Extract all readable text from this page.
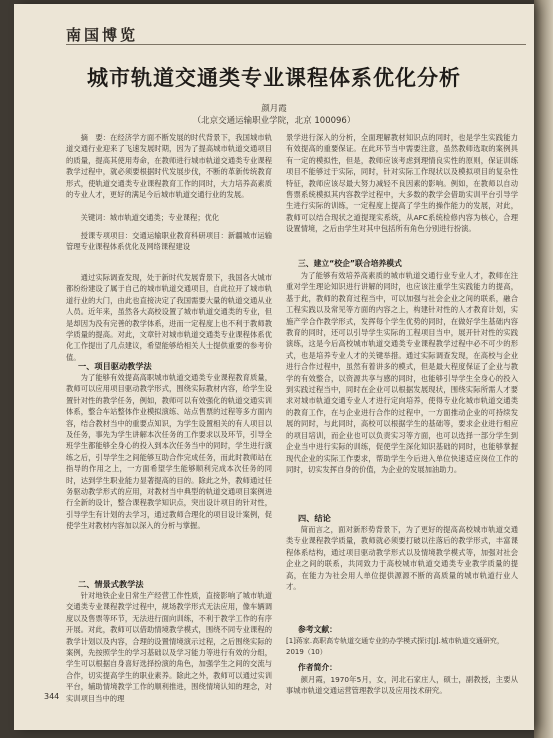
南国博览
城市轨道交通类专业课程体系优化分析
颜月霞
（北京交通运输职业学院，北京 100096）
摘　要：在经济学方面不断发展的时代背景下，我国城市轨道交通行业迎来了飞速发展时期，因为了提高城市轨道交通项目的质量，提高其使用寿命，在教师进行城市轨道交通类专业课程教学过程中，就必须要根据时代发展步伐，不断的革新传统教育形式，使轨道交通类专业课程教育工作的同时，大力培养高素质的专业人才，更好的满足今后城市轨道交通行业的发展。
关键词：城市轨道交通类；专业课程；优化
授课专项项目：交通运输职业教育科研项目：新疆城市运输管理专业课程体系优化及网络课程建设
通过实际调查发现，处于新时代发展背景下，我国各大城市都纷纷建设了属于自己的城市轨道交通项目，自此拉开了城市轨道行业的大门，由此也直接决定了我国需要大量的轨道交通从业人员。近年来，虽然各大高校设置了城市轨道交通类的专业，但是却因为没有完善的教学体系，进而一定程度上也不利于教师教学质量的提高。对此，文章针对城市轨道交通类专业课程体系优化工作提出了几点建议，希望能够给相关人士提供重要的参考价值。
一、项目驱动教学法
为了能够有效提高高职城市轨道交通类专业课程教育质量，教师可以应用项目驱动教学形式，围绕实际教材内容，给学生设置针对性的教学任务，例如，教师可以有效强化的轨道交通实训体系，整合车站整体作业模拟演练、站点售票的过程等多方面内容，结合教材当中的重要点知识，为学生设置相关的有人项目以及任务，事先为学生讲解本次任务的工作要求以及环节，引导全班学生都能够全身心的投入到本次任务当中的同时，学生进行演练之后，引导学生之间能够互助合作完成任务，而此时教师站在指导的作用之上，一方面希望学生能够顺利完成本次任务的同时，达到学生职业能力显著提高的目的。除此之外，教师通过任务驱动教学形式的应用，对教材当中典型的轨道交通项目案例进行全新的设计，整合课程教学知识点，突出设计项目的针对性，引导学生有计划的去学习，通过教师合理化的项目设计案例，促使学生对教材内容加以深入的分析与掌握。
二、情景式教学法
针对地铁企业日常生产经营工作性质，直接影响了城市轨道交通类专业课程教学过程中，规场教学形式无法应用，像车辆调度以及售票等环节，无法进行面向训练，不利于教学工作的有序开展。对此，教师可以借助情境教学模式，围绕不同专业课程的教学计划以及内容，合理的设置情境演示过程，之后围绕实际的案例，先按照学生的学习基础以及学习能力等进行有效的分组，学生可以根据自身喜好选择扮演的角色，加强学生之间的交流与合作，切实提高学生的职业素养。除此之外，教师可以通过实训平台，辅助情境教学工作的顺利推进，围绕情境认知的理念，对实训项目当中的理
景学进行深入的分析，全面理解教材知识点的同时，也是学生实践能力有效提高的重要保证。在此环节当中需要注意，虽然教师选取的案例具有一定的模拟性，但是，教师应该考虑到理情良实性的原则，保证训练项目不能够过于实际，同时，针对实际工作现状以及模拟项目的复杂性特征，教师应该尽最大努力减轻不良因素的影响。例如，在教师以自动售票系统模拟其内容教学过程中，大多数的教学会借助实训平台引导学生进行实际的训练，一定程度上提高了学生的操作能力的发展，对此，教师可以结合现状之道提现实系统，从AFC系统检修内容为核心，合理设置情境，之后由学生对其中包括所有角色分别进行扮演。
三、建立“校企”联合培养模式
为了能够有效培养高素质的城市轨道交通行业专业人才，教师在注重对学生理论知识进行讲解的同时，也应该注重学生实践能力的提高，基于此，教师的教育过程当中，可以加强与社会企业之间的联系，融合工程实践以及常见等方面的内容之上，构建针对性的人才教育计划，实施产学合作教学形式，发挥每个学生优势的同时，在做好学生基础内容教育的同时，还可以引导学生实际的工程项目当中，展开针对性的实践演练，这是今后高校城市轨道交通类专业课程教学过程中必不可少的形式，也是培养专业人才的关键举措。通过实际调查发现，在高校与企业进行合作过程中，虽然有着讲多的模式，但是最大程度保证了企业与教学的有效整合，以资源共享与感的同时，也能够引导学生全身心的投入到实践过程当中，同时在企业可以根据发展现状，围绕实际所需人才要求对城市轨道交通专业人才进行定向培养，使得专业化城市轨道交通类的教育工作，在与企业进行合作的过程中，一方面推动企业的可持续发展的同时，与此同时，高校可以根据学生的基础等，要求企业进行相应的项目培训，而企业也可以负责实习等方面，也可以选择一部分学生到企业当中进行实际的训练，促使学生深化知识基础的同时，也能够掌握现代企业的实际工作要求，帮助学生今后进入单位快速适应岗位工作的同时，切实发挥自身的价值，为企业的发展加油助力。
四、结论
简而言之，面对新形势背景下，为了更好的提高高校城市轨道交通类专业课程教学质量，教师就必须要打破以往落后的教学形式，丰富课程体系结构，通过项目驱动教学形式以及情境教学模式等，加强对社会企业之间的联系，共同致力于高校城市轨道交通类专业教学质量的提高，在能力为社会用人单位提供源源不断的高质量的城市轨道行业人才。
参考文献：
[1]蒋家.高职高专轨道交通专业的办学模式探讨[J].城市轨道交通研究，2019（10）
作者简介：
颜月霞，1970年5月，女，河北石家庄人，硕士，副教授，主要从事城市轨道交通运营管理教学以及应用技术研究。
344
